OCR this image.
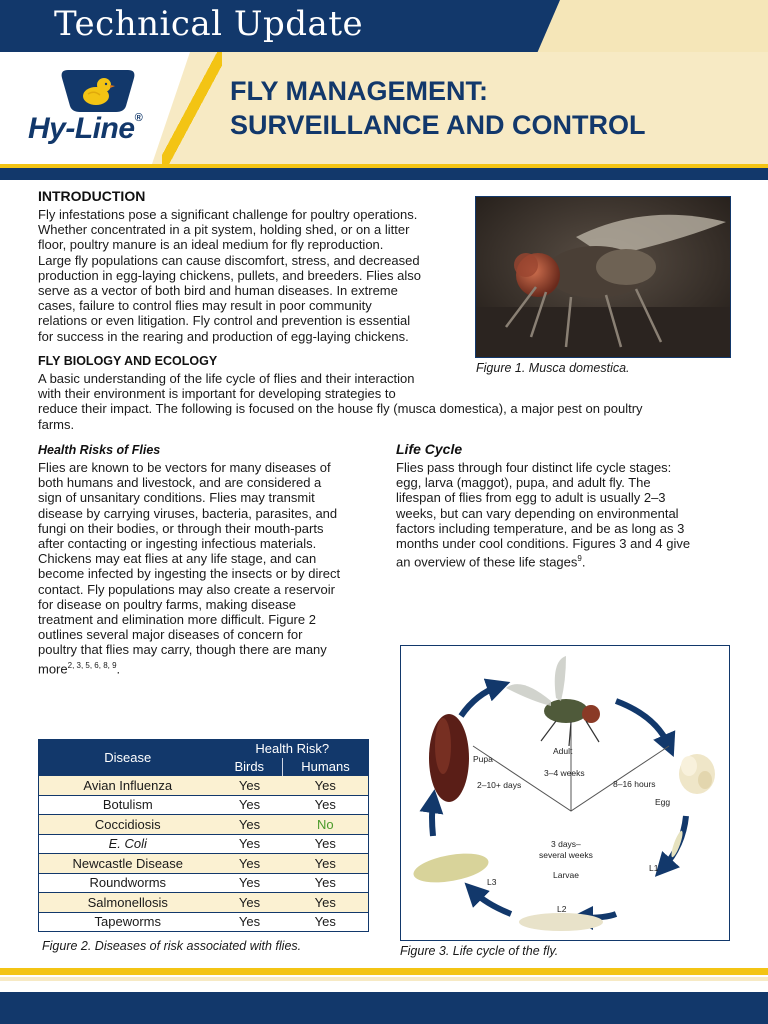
Technical Update
Hy-Line®
FLY MANAGEMENT:
SURVEILLANCE AND CONTROL
INTRODUCTION
Fly infestations pose a significant challenge for poultry operations.
Whether concentrated in a pit system, holding shed, or on a litter
floor, poultry manure is an ideal medium for fly reproduction.
Large fly populations can cause discomfort, stress, and decreased
production in egg-laying chickens, pullets, and breeders. Flies also
serve as a vector of both bird and human diseases. In extreme
cases, failure to control flies may result in poor community
relations or even litigation. Fly control and prevention is essential
for success in the rearing and production of egg-laying chickens.
Figure 1. Musca domestica.
FLY BIOLOGY AND ECOLOGY
A basic understanding of the life cycle of flies and their interaction
with their environment is important for developing strategies to
reduce their impact. The following is focused on the house fly (musca domestica), a major pest on poultry
farms.
Health Risks of Flies
Flies are known to be vectors for many diseases of
both humans and livestock, and are considered a
sign of unsanitary conditions. Flies may transmit
disease by carrying viruses, bacteria, parasites, and
fungi on their bodies, or through their mouth-parts
after contacting or ingesting infectious materials.
Chickens may eat flies at any life stage, and can
become infected by ingesting the insects or by direct
contact. Fly populations may also create a reservoir
for disease on poultry farms, making disease
treatment and elimination more difficult. Figure 2
outlines several major diseases of concern for
poultry that flies may carry, though there are many
more$^{2, 3, 5, 6, 8, 9}$.
Life Cycle
Flies pass through four distinct life cycle stages:
egg, larva (maggot), pupa, and adult fly. The
lifespan of flies from egg to adult is usually 2–3
weeks, but can vary depending on environmental
factors including temperature, and be as long as 3
months under cool conditions. Figures 3 and 4 give
an overview of these life stages$^9$.
Disease	Health Risk?	
	Birds	Humans
Avian Influenza	Yes	Yes
Botulism	Yes	Yes
Coccidiosis	Yes	No
E. Coli	Yes	Yes
Newcastle Disease	Yes	Yes
Roundworms	Yes	Yes
Salmonellosis	Yes	Yes
Tapeworms	Yes	Yes
Figure 2. Diseases of risk associated with flies.
Adult
3–4 weeks
Pupa
2–10+ days	8–16 hours
Egg
3 days–
several weeks
Larvae
L1
L2
L3
Figure 3. Life cycle of the fly.
